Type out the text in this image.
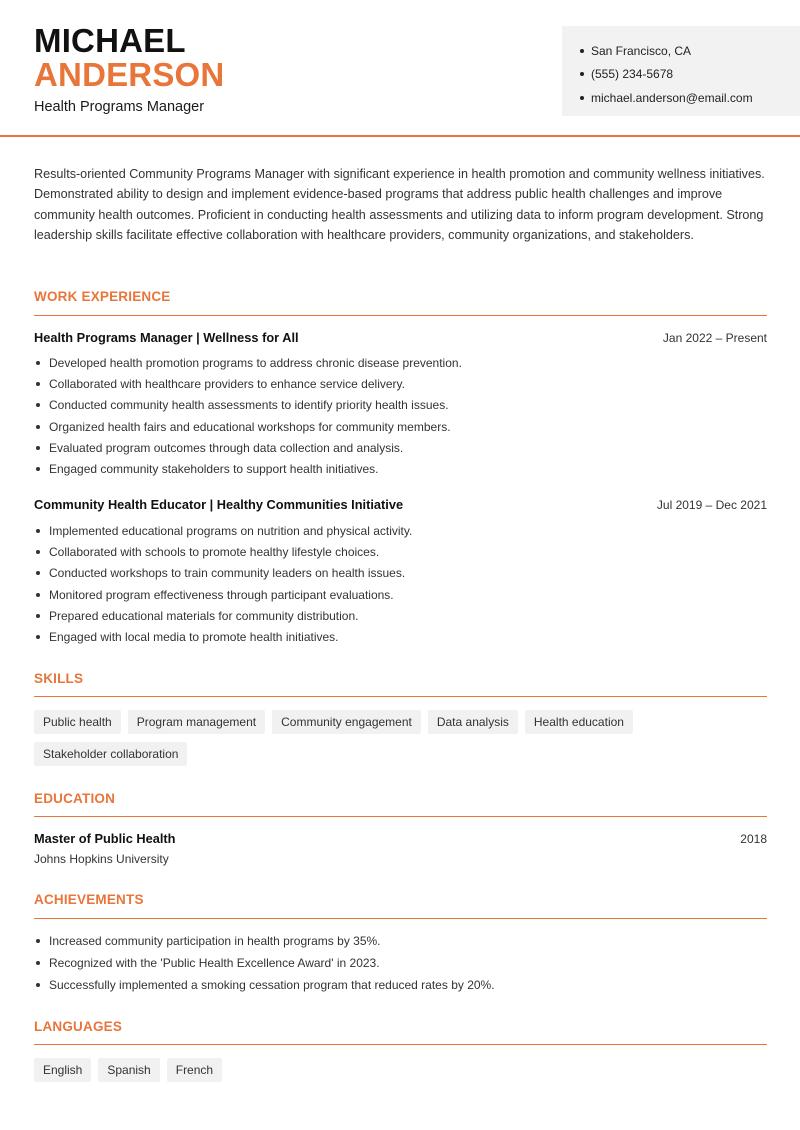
MICHAEL
ANDERSON
Health Programs Manager
San Francisco, CA
(555) 234-5678
michael.anderson@email.com
Results-oriented Community Programs Manager with significant experience in health promotion and community wellness initiatives. Demonstrated ability to design and implement evidence-based programs that address public health challenges and improve community health outcomes. Proficient in conducting health assessments and utilizing data to inform program development. Strong leadership skills facilitate effective collaboration with healthcare providers, community organizations, and stakeholders.
WORK EXPERIENCE
Health Programs Manager | Wellness for All	Jan 2022 – Present
Developed health promotion programs to address chronic disease prevention.
Collaborated with healthcare providers to enhance service delivery.
Conducted community health assessments to identify priority health issues.
Organized health fairs and educational workshops for community members.
Evaluated program outcomes through data collection and analysis.
Engaged community stakeholders to support health initiatives.
Community Health Educator | Healthy Communities Initiative	Jul 2019 – Dec 2021
Implemented educational programs on nutrition and physical activity.
Collaborated with schools to promote healthy lifestyle choices.
Conducted workshops to train community leaders on health issues.
Monitored program effectiveness through participant evaluations.
Prepared educational materials for community distribution.
Engaged with local media to promote health initiatives.
SKILLS
Public health	Program management	Community engagement	Data analysis	Health education
Stakeholder collaboration
EDUCATION
Master of Public Health	2018
Johns Hopkins University
ACHIEVEMENTS
Increased community participation in health programs by 35%.
Recognized with the 'Public Health Excellence Award' in 2023.
Successfully implemented a smoking cessation program that reduced rates by 20%.
LANGUAGES
English	Spanish	French
